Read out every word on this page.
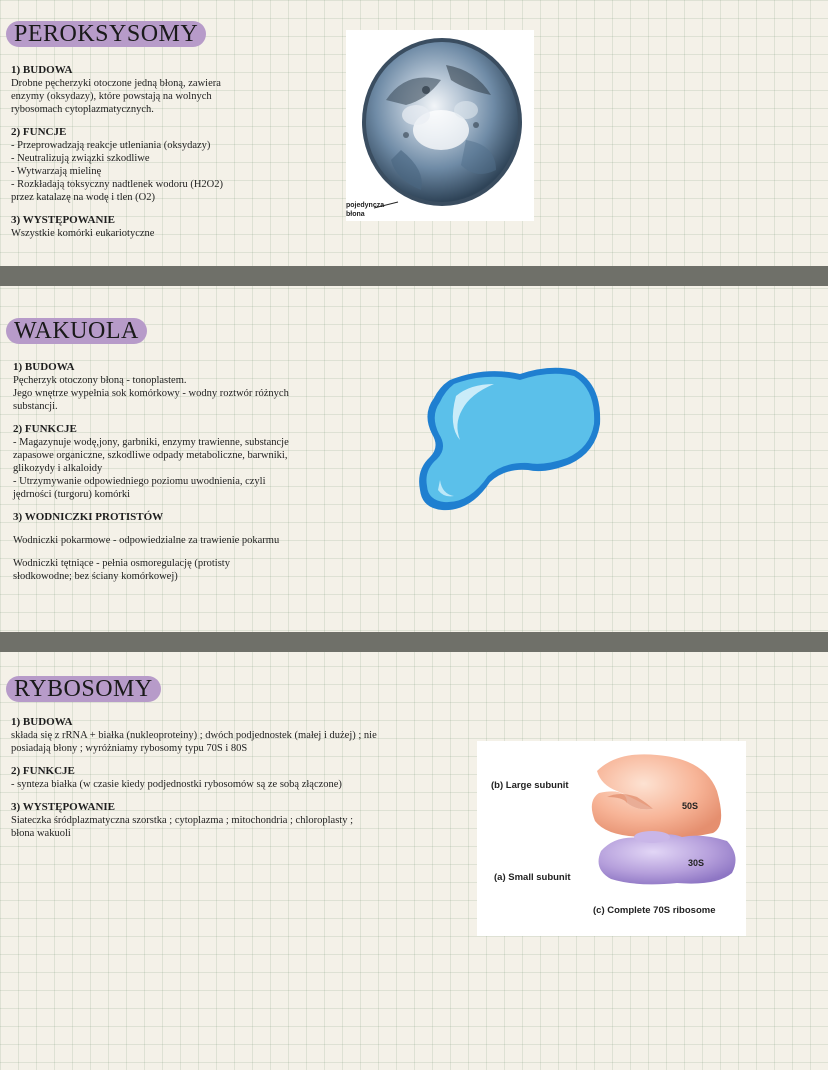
PEROKSYSOMY

1) BUDOWA

Drobne pęcherzyki otoczone jedną błoną, zawiera

enzymy (oksydazy), które powstają na wolnych

rybosomach cytoplazmatycznych.

2) FUNCJE

- Przeprowadzają reakcje utleniania (oksydazy)

- Neutralizują związki szkodliwe

- Wytwarzają mielinę

- Rozkładają toksyczny nadtlenek wodoru (H2O2)

przez katalazę na wodę i tlen (O2)

3) WYSTĘPOWANIE

Wszystkie komórki eukariotyczne

pojedyncza
błona
WAKUOLA

1) BUDOWA

Pęcherzyk otoczony błoną - tonoplastem.

Jego wnętrze wypełnia sok komórkowy - wodny roztwór różnych

substancji.

2) FUNKCJE

- Magazynuje wodę,jony, garbniki, enzymy trawienne, substancje

zapasowe organiczne, szkodliwe odpady metaboliczne, barwniki,

glikozydy i alkaloidy

- Utrzymywanie odpowiedniego poziomu uwodnienia, czyli

jędrności (turgoru) komórki

3) WODNICZKI PROTISTÓW

Wodniczki pokarmowe - odpowiedzialne za trawienie pokarmu

Wodniczki tętniące - pełnia osmoregulację (protisty

słodkowodne; bez ściany komórkowej)

RYBOSOMY

1) BUDOWA

składa się z rRNA + białka (nukleoproteiny) ; dwóch podjednostek (małej i dużej) ; nie

posiadają błony ; wyróżniamy rybosomy typu 70S i 80S

2) FUNKCJE

- synteza białka (w czasie kiedy podjednostki rybosomów są ze sobą złączone)

3) WYSTĘPOWANIE

Siateczka śródplazmatyczna szorstka ; cytoplazma ; mitochondria ; chloroplasty ;

błona wakuoli

(b) Large subunit
(a) Small subunit
(c) Complete 70S ribosome
50S
30S
